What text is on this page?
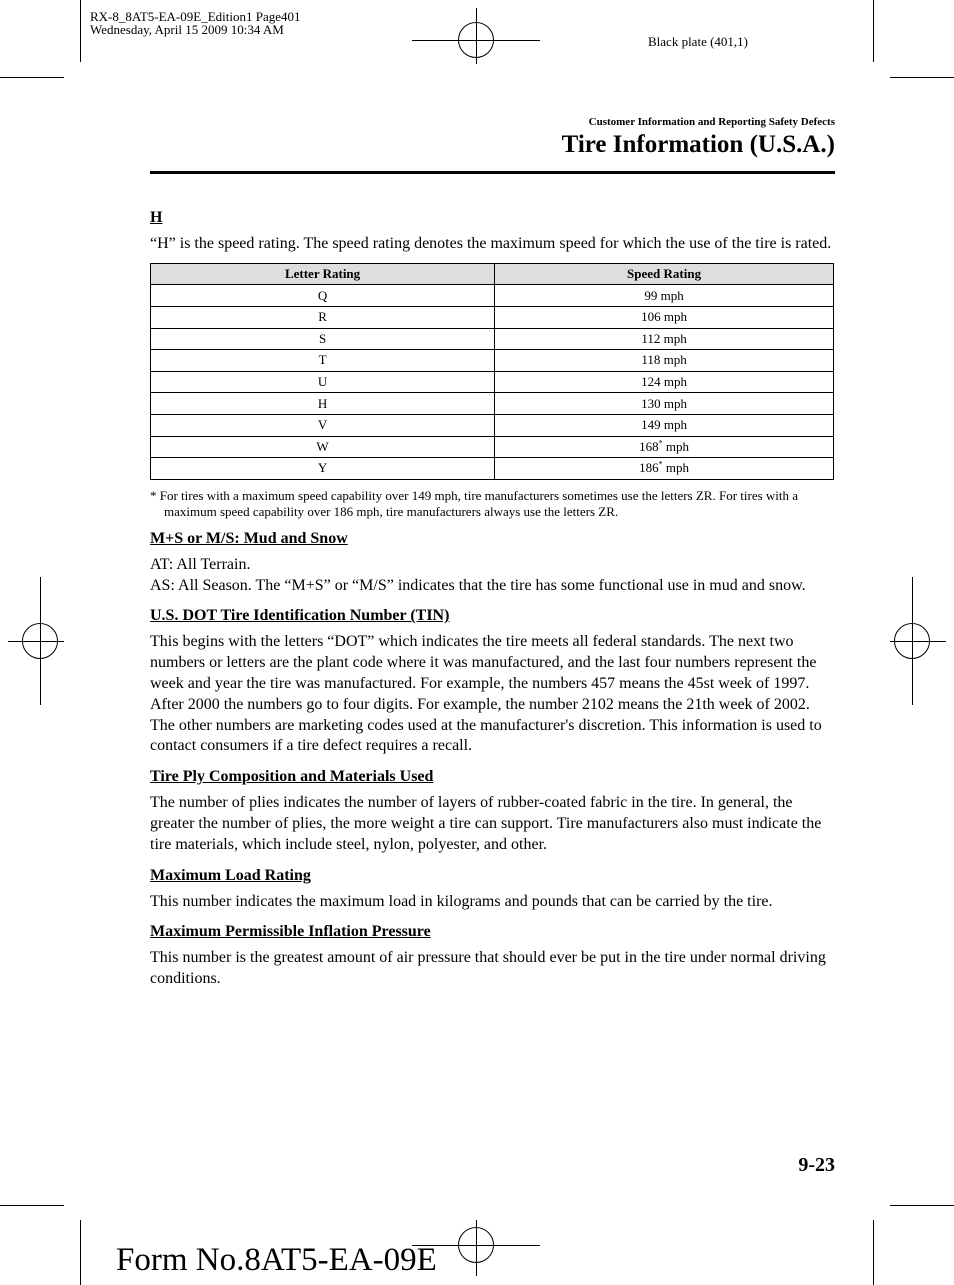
RX-8_8AT5-EA-09E_Edition1 Page401
Wednesday, April 15 2009 10:34 AM
Black plate (401,1)
Customer Information and Reporting Safety Defects
Tire Information (U.S.A.)
H

“H” is the speed rating. The speed rating denotes the maximum speed for which the use of the tire is rated.

Letter Rating	Speed Rating
Q	99 mph
R	106 mph
S	112 mph
T	118 mph
U	124 mph
H	130 mph
V	149 mph
W	168* mph
Y	186* mph
* For tires with a maximum speed capability over 149 mph, tire manufacturers sometimes use the letters ZR. For tires with a maximum speed capability over 186 mph, tire manufacturers always use the letters ZR.
M+S or M/S: Mud and Snow

AT: All Terrain.

AS: All Season. The “M+S” or “M/S” indicates that the tire has some functional use in mud and snow.

U.S. DOT Tire Identification Number (TIN)

This begins with the letters “DOT” which indicates the tire meets all federal standards. The next two numbers or letters are the plant code where it was manufactured, and the last four numbers represent the week and year the tire was manufactured. For example, the numbers 457 means the 45st week of 1997. After 2000 the numbers go to four digits. For example, the number 2102 means the 21th week of 2002. The other numbers are marketing codes used at the manufacturer's discretion. This information is used to contact consumers if a tire defect requires a recall.

Tire Ply Composition and Materials Used

The number of plies indicates the number of layers of rubber-coated fabric in the tire. In general, the greater the number of plies, the more weight a tire can support. Tire manufacturers also must indicate the tire materials, which include steel, nylon, polyester, and other.

Maximum Load Rating

This number indicates the maximum load in kilograms and pounds that can be carried by the tire.

Maximum Permissible Inflation Pressure

This number is the greatest amount of air pressure that should ever be put in the tire under normal driving conditions.

9-23
Form No.8AT5-EA-09E
